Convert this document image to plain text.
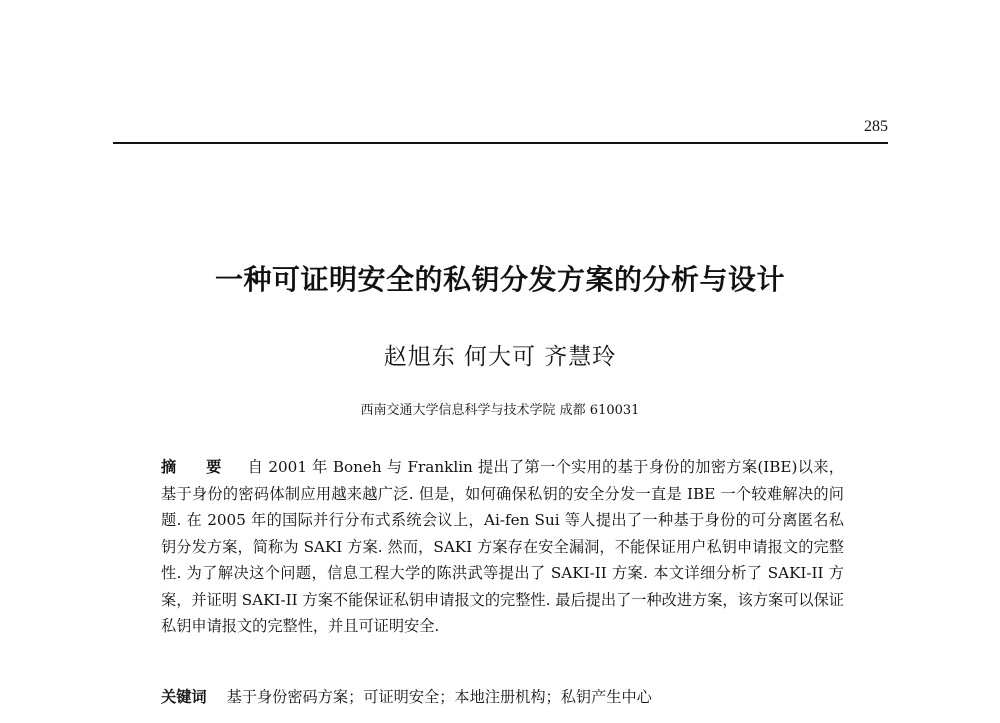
285
一种可证明安全的私钥分发方案的分析与设计
赵旭东 何大可 齐慧玲
西南交通大学信息科学与技术学院 成都 610031
摘 要 自 2001 年 Boneh 与 Franklin 提出了第一个实用的基于身份的加密方案(IBE)以来，基于身份的密码体制应用越来越广泛. 但是，如何确保私钥的安全分发一直是 IBE 一个较难解决的问题. 在 2005 年的国际并行分布式系统会议上，Ai-fen Sui 等人提出了一种基于身份的可分离匿名私钥分发方案，简称为 SAKI 方案. 然而，SAKI 方案存在安全漏洞，不能保证用户私钥申请报文的完整性. 为了解决这个问题，信息工程大学的陈洪武等提出了 SAKI-II 方案. 本文详细分析了 SAKI-II 方案，并证明 SAKI-II 方案不能保证私钥申请报文的完整性. 最后提出了一种改进方案，该方案可以保证私钥申请报文的完整性，并且可证明安全.
关键词 基于身份密码方案；可证明安全；本地注册机构；私钥产生中心
